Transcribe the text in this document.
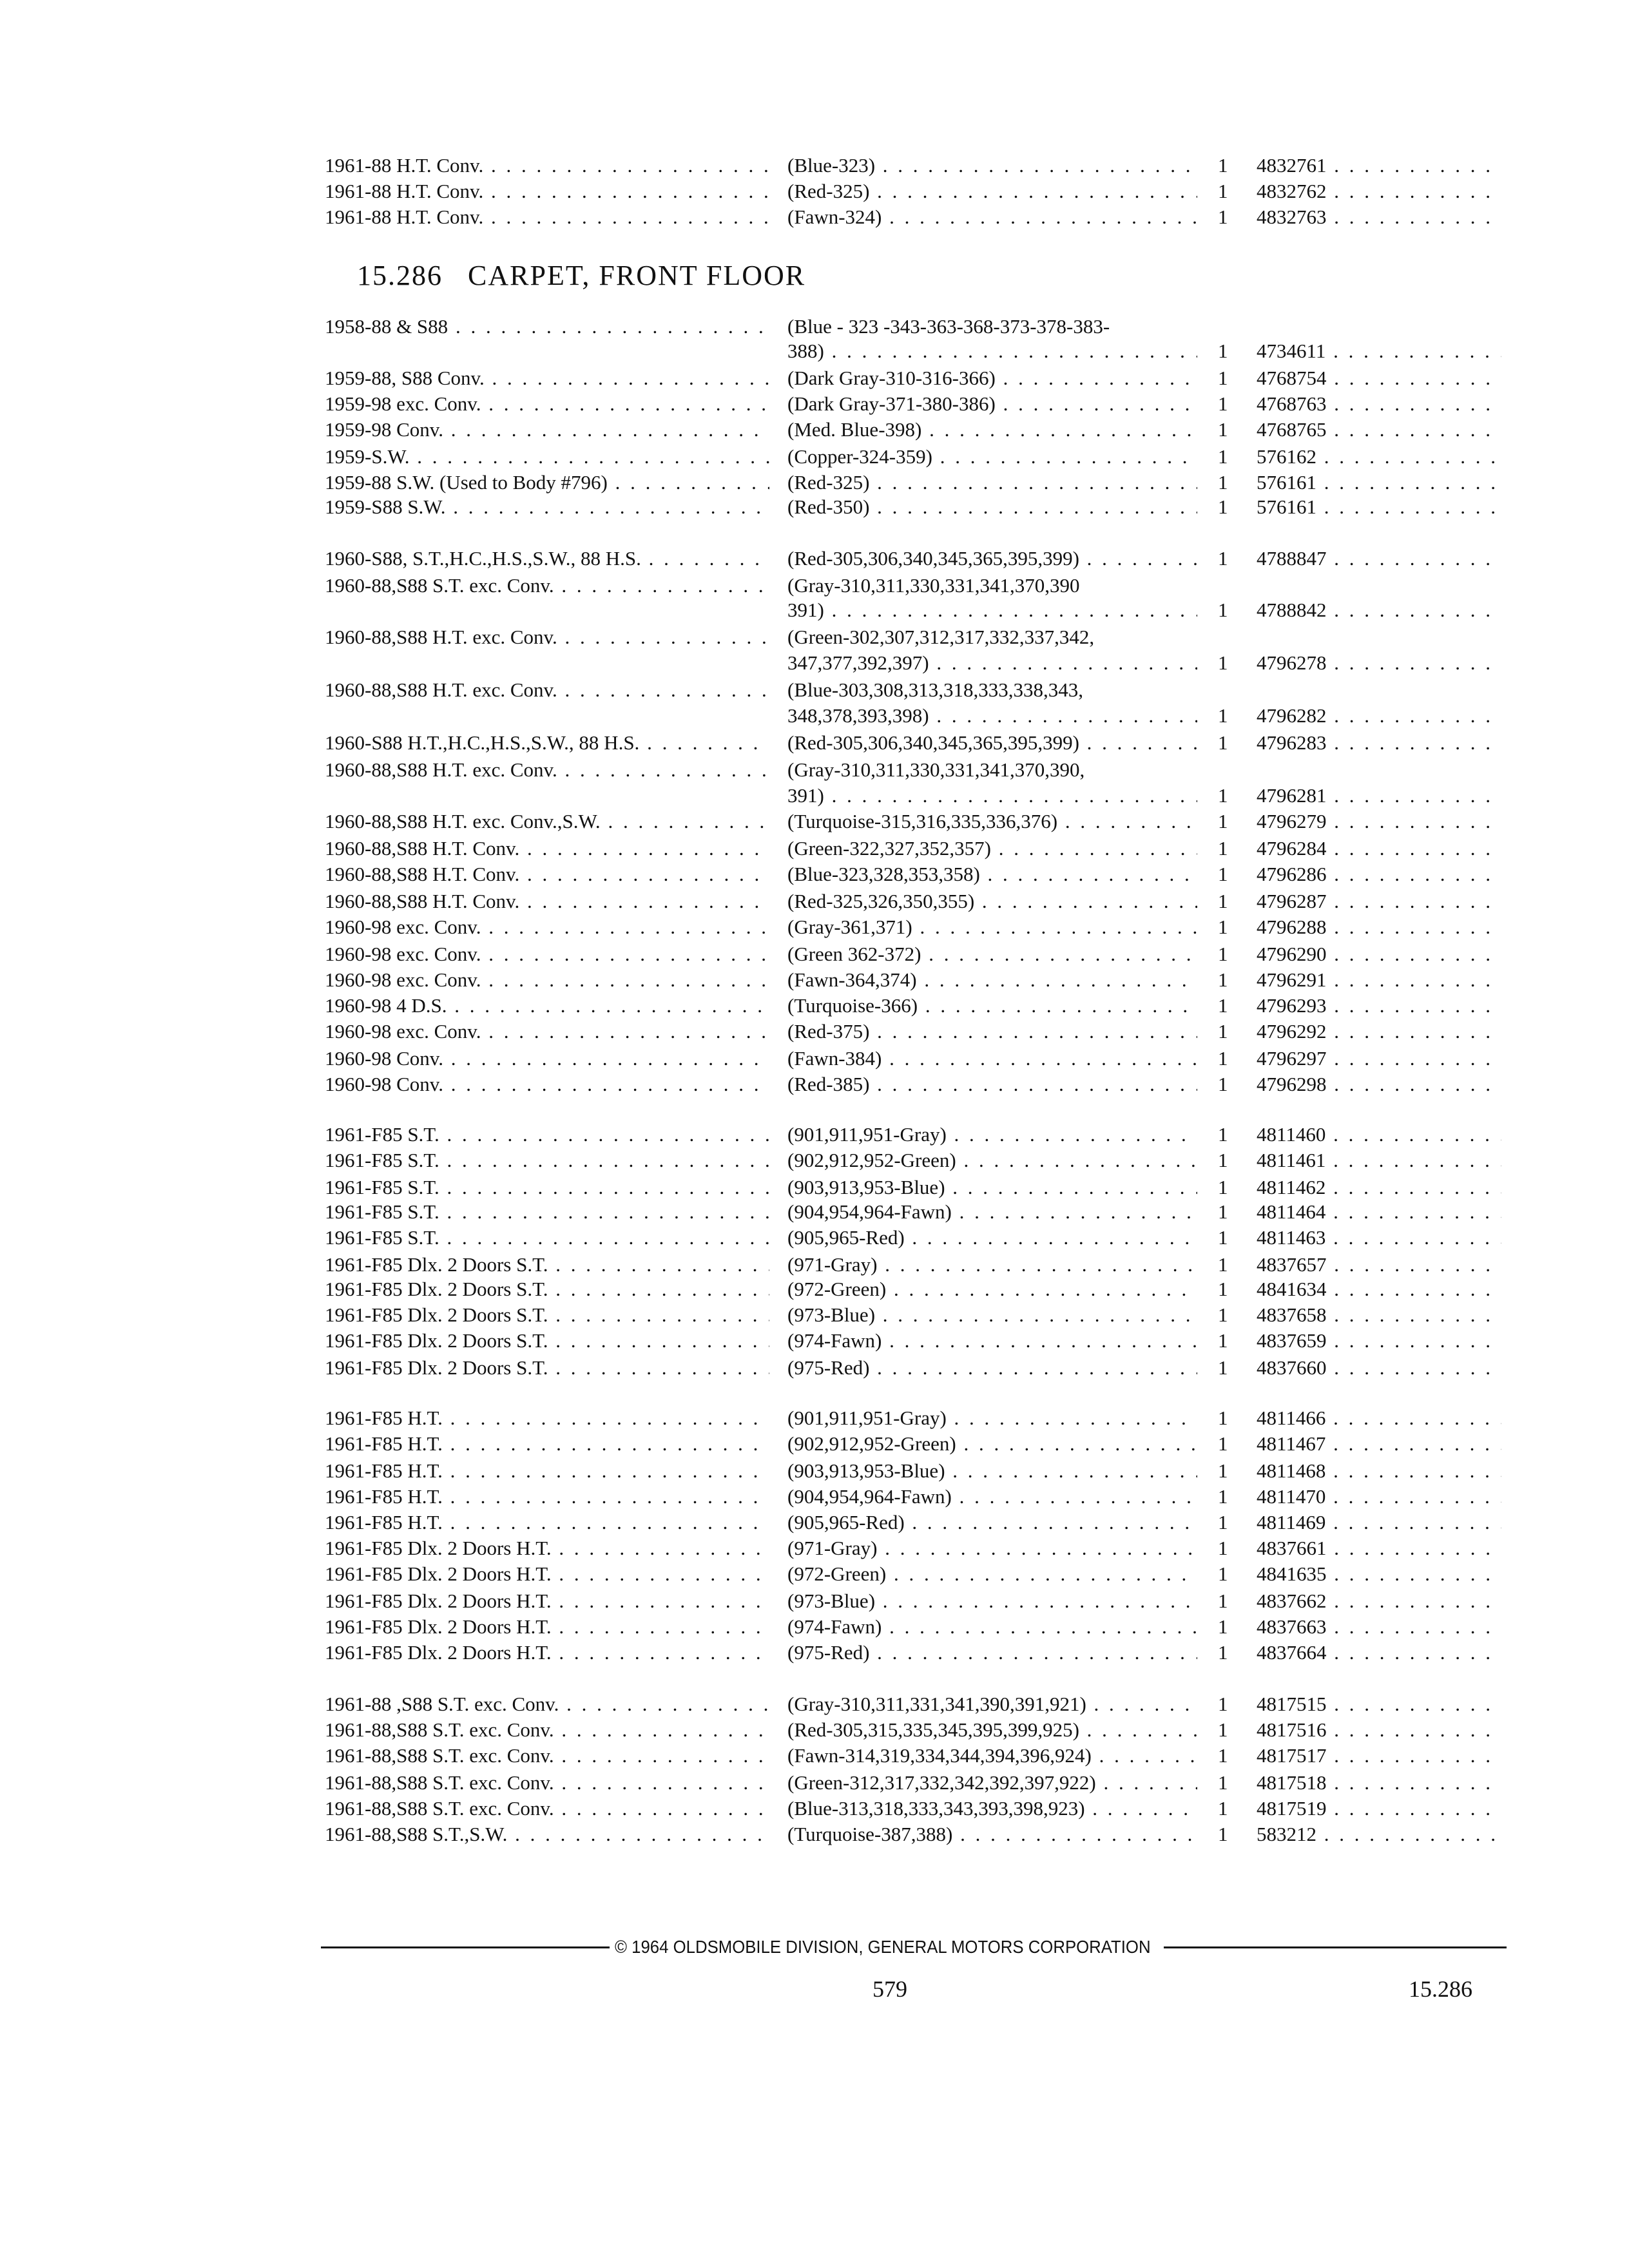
1961-88 H.T. Conv. . . .	(Blue-323) . . .	1	4832761 . . .
1961-88 H.T. Conv. . . .	(Red-325) . . .	1	4832762 . . .
1961-88 H.T. Conv. . . .	(Fawn-324) . . .	1	4832763 . . .
15.286 CARPET, FRONT FLOOR
1958-88 & S88 . . .	(Blue - 323 -343-363-368-373-378-383-
388) . . .	1	4734611 . . .
1959-88, S88 Conv. . . .	(Dark Gray-310-316-366) . . .	1	4768754 . . .
1959-98 exc. Conv. . . .	(Dark Gray-371-380-386) . . .	1	4768763 . . .
1959-98 Conv. . . .	(Med. Blue-398) . . .	1	4768765 . . .
1959-S.W. . . .	(Copper-324-359) . . .	1	576162 . . .
1959-88 S.W. (Used to Body #796) . . .	(Red-325) . . .	1	576161 . . .
1959-S88 S.W. . . .	(Red-350) . . .	1	576161 . . .
1960-S88, S.T.,H.C.,H.S.,S.W., 88 H.S. . . .	(Red-305,306,340,345,365,395,399) . . .	1	4788847 . . .
1960-88,S88 S.T. exc. Conv. . . .	(Gray-310,311,330,331,341,370,390
391) . . .	1	4788842 . . .
1960-88,S88 H.T. exc. Conv. . . .	(Green-302,307,312,317,332,337,342,
347,377,392,397) . . .	1	4796278 . . .
1960-88,S88 H.T. exc. Conv. . . .	(Blue-303,308,313,318,333,338,343,
348,378,393,398) . . .	1	4796282 . . .
1960-S88 H.T.,H.C.,H.S.,S.W., 88 H.S. . . .	(Red-305,306,340,345,365,395,399) . . .	1	4796283 . . .
1960-88,S88 H.T. exc. Conv. . . .	(Gray-310,311,330,331,341,370,390,
391) . . .	1	4796281 . . .
1960-88,S88 H.T. exc. Conv.,S.W. . . .	(Turquoise-315,316,335,336,376) . . .	1	4796279 . . .
1960-88,S88 H.T. Conv. . . .	(Green-322,327,352,357) . . .	1	4796284 . . .
1960-88,S88 H.T. Conv. . . .	(Blue-323,328,353,358) . . .	1	4796286 . . .
1960-88,S88 H.T. Conv. . . .	(Red-325,326,350,355) . . .	1	4796287 . . .
1960-98 exc. Conv. . . .	(Gray-361,371) . . .	1	4796288 . . .
1960-98 exc. Conv. . . .	(Green 362-372) . . .	1	4796290 . . .
1960-98 exc. Conv. . . .	(Fawn-364,374) . . .	1	4796291 . . .
1960-98 4 D.S. . . .	(Turquoise-366) . . .	1	4796293 . . .
1960-98 exc. Conv. . . .	(Red-375) . . .	1	4796292 . . .
1960-98 Conv. . . .	(Fawn-384) . . .	1	4796297 . . .
1960-98 Conv. . . .	(Red-385) . . .	1	4796298 . . .
1961-F85 S.T. . . .	(901,911,951-Gray) . . .	1	4811460 . . .
1961-F85 S.T. . . .	(902,912,952-Green) . . .	1	4811461 . . .
1961-F85 S.T. . . .	(903,913,953-Blue) . . .	1	4811462 . . .
1961-F85 S.T. . . .	(904,954,964-Fawn) . . .	1	4811464 . . .
1961-F85 S.T. . . .	(905,965-Red) . . .	1	4811463 . . .
1961-F85 Dlx. 2 Doors S.T. . . .	(971-Gray) . . .	1	4837657 . . .
1961-F85 Dlx. 2 Doors S.T. . . .	(972-Green) . . .	1	4841634 . . .
1961-F85 Dlx. 2 Doors S.T. . . .	(973-Blue) . . .	1	4837658 . . .
1961-F85 Dlx. 2 Doors S.T. . . .	(974-Fawn) . . .	1	4837659 . . .
1961-F85 Dlx. 2 Doors S.T. . . .	(975-Red) . . .	1	4837660 . . .
1961-F85 H.T. . . .	(901,911,951-Gray) . . .	1	4811466 . . .
1961-F85 H.T. . . .	(902,912,952-Green) . . .	1	4811467 . . .
1961-F85 H.T. . . .	(903,913,953-Blue) . . .	1	4811468 . . .
1961-F85 H.T. . . .	(904,954,964-Fawn) . . .	1	4811470 . . .
1961-F85 H.T. . . .	(905,965-Red) . . .	1	4811469 . . .
1961-F85 Dlx. 2 Doors H.T. . . .	(971-Gray) . . .	1	4837661 . . .
1961-F85 Dlx. 2 Doors H.T. . . .	(972-Green) . . .	1	4841635 . . .
1961-F85 Dlx. 2 Doors H.T. . . .	(973-Blue) . . .	1	4837662 . . .
1961-F85 Dlx. 2 Doors H.T. . . .	(974-Fawn) . . .	1	4837663 . . .
1961-F85 Dlx. 2 Doors H.T. . . .	(975-Red) . . .	1	4837664 . . .
1961-88 ,S88 S.T. exc. Conv. . . .	(Gray-310,311,331,341,390,391,921) . . .	1	4817515 . . .
1961-88,S88 S.T. exc. Conv. . . .	(Red-305,315,335,345,395,399,925) . . .	1	4817516 . . .
1961-88,S88 S.T. exc. Conv. . . .	(Fawn-314,319,334,344,394,396,924) . . .	1	4817517 . . .
1961-88,S88 S.T. exc. Conv. . . .	(Green-312,317,332,342,392,397,922) . . .	1	4817518 . . .
1961-88,S88 S.T. exc. Conv. . . .	(Blue-313,318,333,343,393,398,923) . . .	1	4817519 . . .
1961-88,S88 S.T.,S.W. . . .	(Turquoise-387,388) . . .	1	583212 . . .
© 1964 OLDSMOBILE DIVISION, GENERAL MOTORS CORPORATION
579	15.286
